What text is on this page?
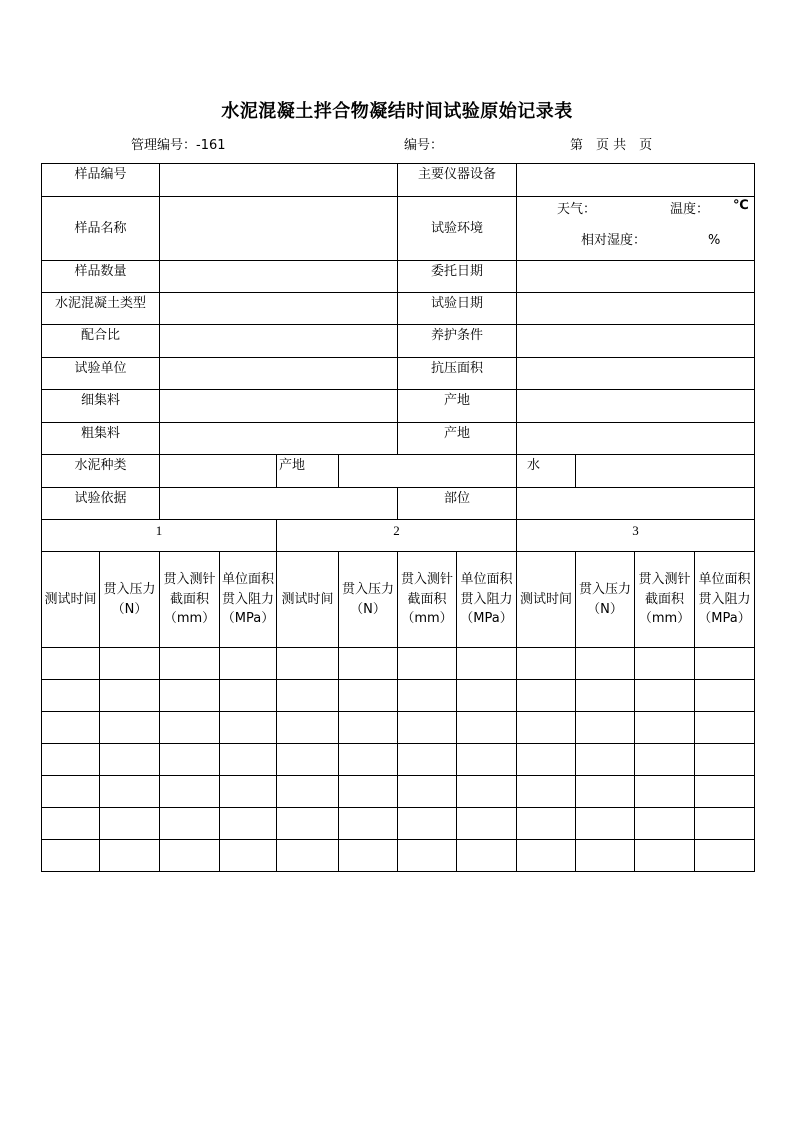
水泥混凝土拌合物凝结时间试验原始记录表
管理编号：-161	编号：	第　页 共　页
样品编号						主要仪器设备					
样品名称						试验环境		天气： 温度： ℃
相对湿度： %			

样品数量						委托日期					
水泥混凝土类型						试验日期					
配合比						养护条件					
试验单位						抗压面积					
细集料						产地					
粗集料						产地					
水泥种类				产地				水			
试验依据						部位					
1				2				3			
测试时间	贯入压力（N）	贯入测针截面积（mm）	单位面积贯入阻力（MPa）	测试时间	贯入压力（N）	贯入测针截面积（mm）	单位面积贯入阻力（MPa）	测试时间	贯入压力（N）	贯入测针截面积（mm）	单位面积贯入阻力（MPa）
